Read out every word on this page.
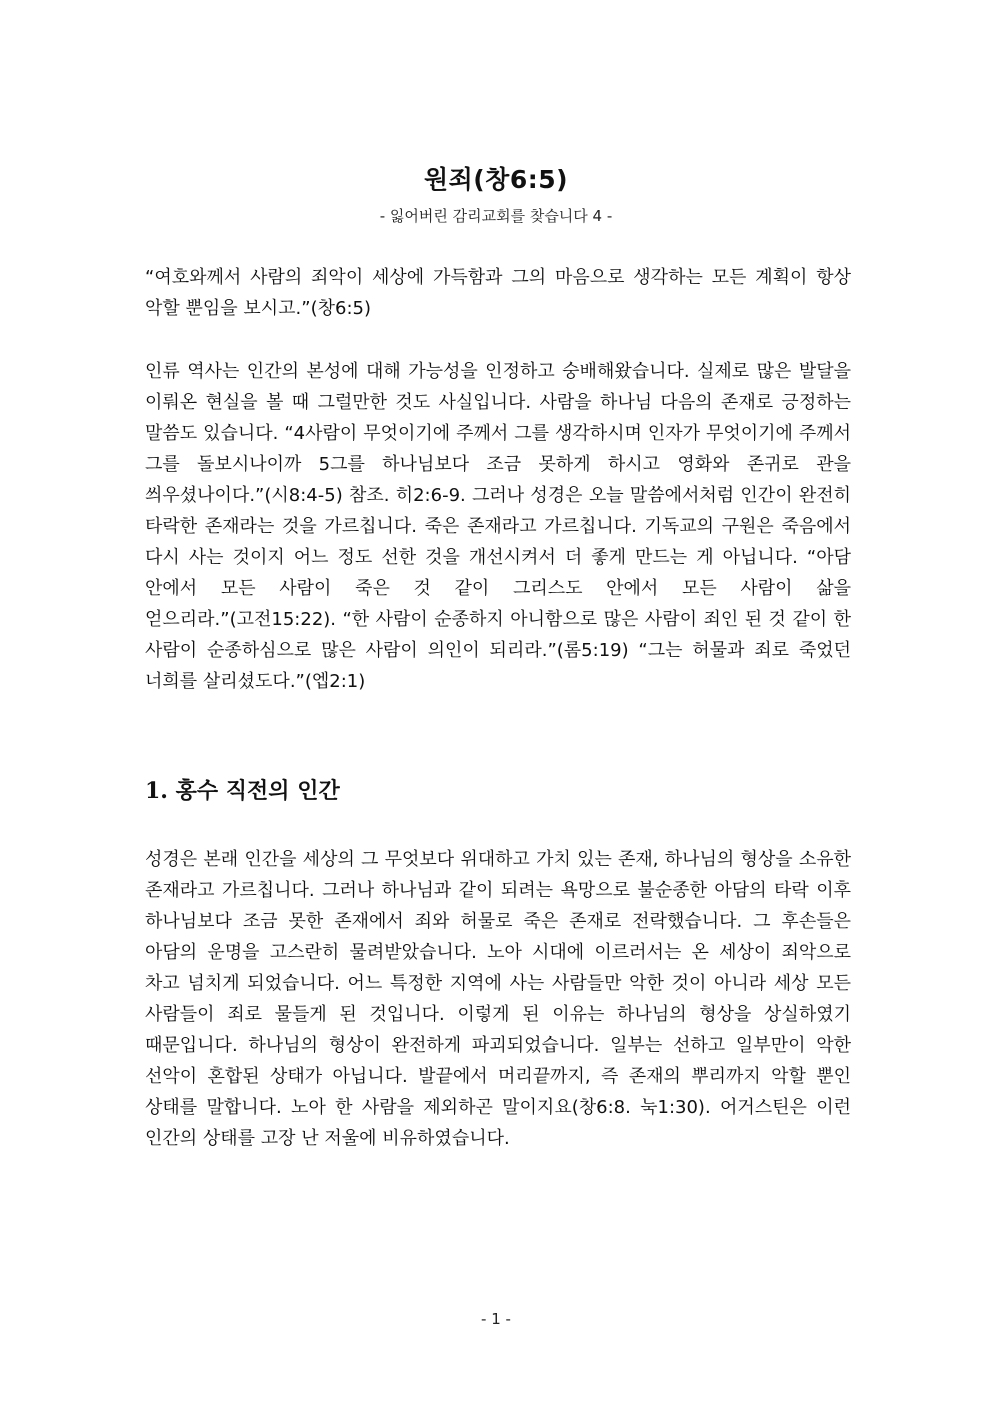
원죄(창6:5)
- 잃어버린 감리교회를 찾습니다 4 -

“여호와께서 사람의 죄악이 세상에 가득함과 그의 마음으로 생각하는 모든 계획이 항상 악할 뿐임을 보시고.”(창6:5)

인류 역사는 인간의 본성에 대해 가능성을 인정하고 숭배해왔습니다. 실제로 많은 발달을 이뤄온 현실을 볼 때 그럴만한 것도 사실입니다. 사람을 하나님 다음의 존재로 긍정하는 말씀도 있습니다. “4사람이 무엇이기에 주께서 그를 생각하시며 인자가 무엇이기에 주께서 그를 돌보시나이까 5그를 하나님보다 조금 못하게 하시고 영화와 존귀로 관을 씌우셨나이다.”(시8:4-5) 참조. 히2:6-9. 그러나 성경은 오늘 말씀에서처럼 인간이 완전히 타락한 존재라는 것을 가르칩니다. 죽은 존재라고 가르칩니다. 기독교의 구원은 죽음에서 다시 사는 것이지 어느 정도 선한 것을 개선시켜서 더 좋게 만드는 게 아닙니다. “아담 안에서 모든 사람이 죽은 것 같이 그리스도 안에서 모든 사람이 삶을 얻으리라.”(고전15:22). “한 사람이 순종하지 아니함으로 많은 사람이 죄인 된 것 같이 한 사람이 순종하심으로 많은 사람이 의인이 되리라.”(롬5:19) “그는 허물과 죄로 죽었던 너희를 살리셨도다.”(엡2:1)

1. 홍수 직전의 인간

성경은 본래 인간을 세상의 그 무엇보다 위대하고 가치 있는 존재, 하나님의 형상을 소유한 존재라고 가르칩니다. 그러나 하나님과 같이 되려는 욕망으로 불순종한 아담의 타락 이후 하나님보다 조금 못한 존재에서 죄와 허물로 죽은 존재로 전락했습니다. 그 후손들은 아담의 운명을 고스란히 물려받았습니다. 노아 시대에 이르러서는 온 세상이 죄악으로 차고 넘치게 되었습니다. 어느 특정한 지역에 사는 사람들만 악한 것이 아니라 세상 모든 사람들이 죄로 물들게 된 것입니다. 이렇게 된 이유는 하나님의 형상을 상실하였기 때문입니다. 하나님의 형상이 완전하게 파괴되었습니다. 일부는 선하고 일부만이 악한 선악이 혼합된 상태가 아닙니다. 발끝에서 머리끝까지, 즉 존재의 뿌리까지 악할 뿐인 상태를 말합니다. 노아 한 사람을 제외하곤 말이지요(창6:8. 눅1:30). 어거스틴은 이런 인간의 상태를 고장 난 저울에 비유하였습니다.

- 1 -
